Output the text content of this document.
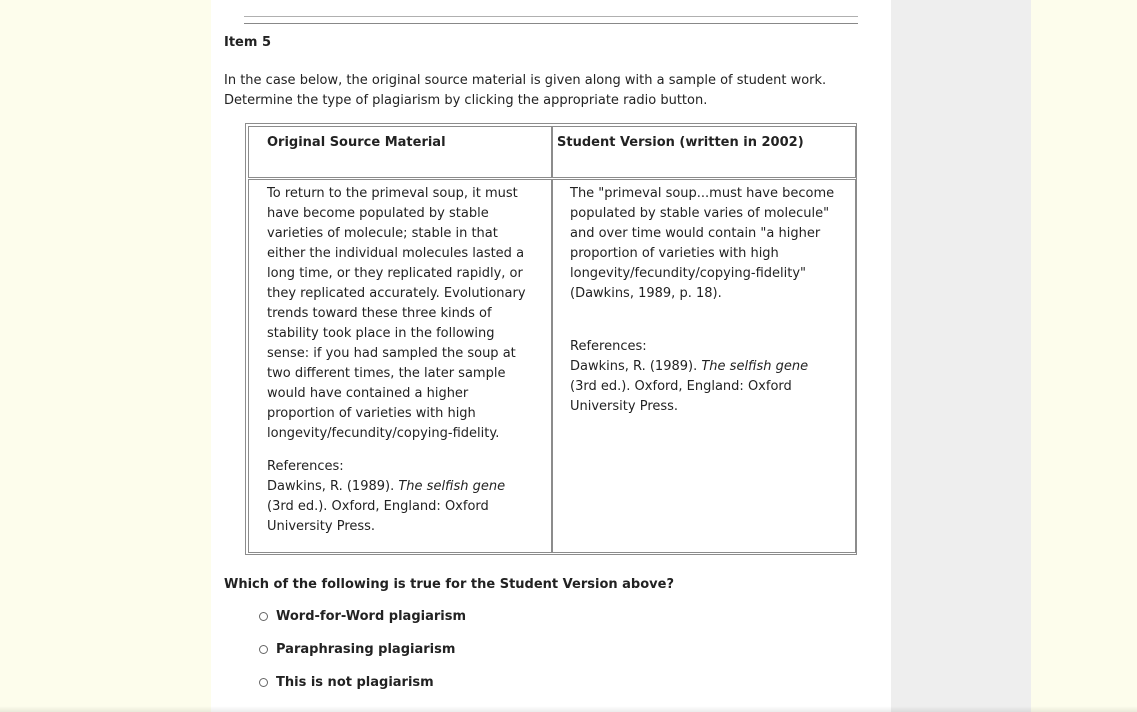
Item 5
In the case below, the original source material is given along with a sample of student work. Determine the type of plagiarism by clicking the appropriate radio button.
Original Source Material	Student Version (written in 2002)
To return to the primeval soup, it must have become populated by stable varieties of molecule; stable in that either the individual molecules lasted a long time, or they replicated rapidly, or they replicated accurately. Evolutionary trends toward these three kinds of stability took place in the following sense: if you had sampled the soup at two different times, the later sample would have contained a higher proportion of varieties with high longevity/fecundity/copying-fidelity.
References:
Dawkins, R. (1989). The selfish gene
(3rd ed.). Oxford, England: Oxford University Press.
The "primeval soup...must have become populated by stable varies of molecule" and over time would contain "a higher proportion of varieties with high longevity/fecundity/copying-fidelity" (Dawkins, 1989, p. 18).
References:
Dawkins, R. (1989). The selfish gene
(3rd ed.). Oxford, England: Oxford University Press.
Which of the following is true for the Student Version above?
Word-for-Word plagiarism
Paraphrasing plagiarism
This is not plagiarism
